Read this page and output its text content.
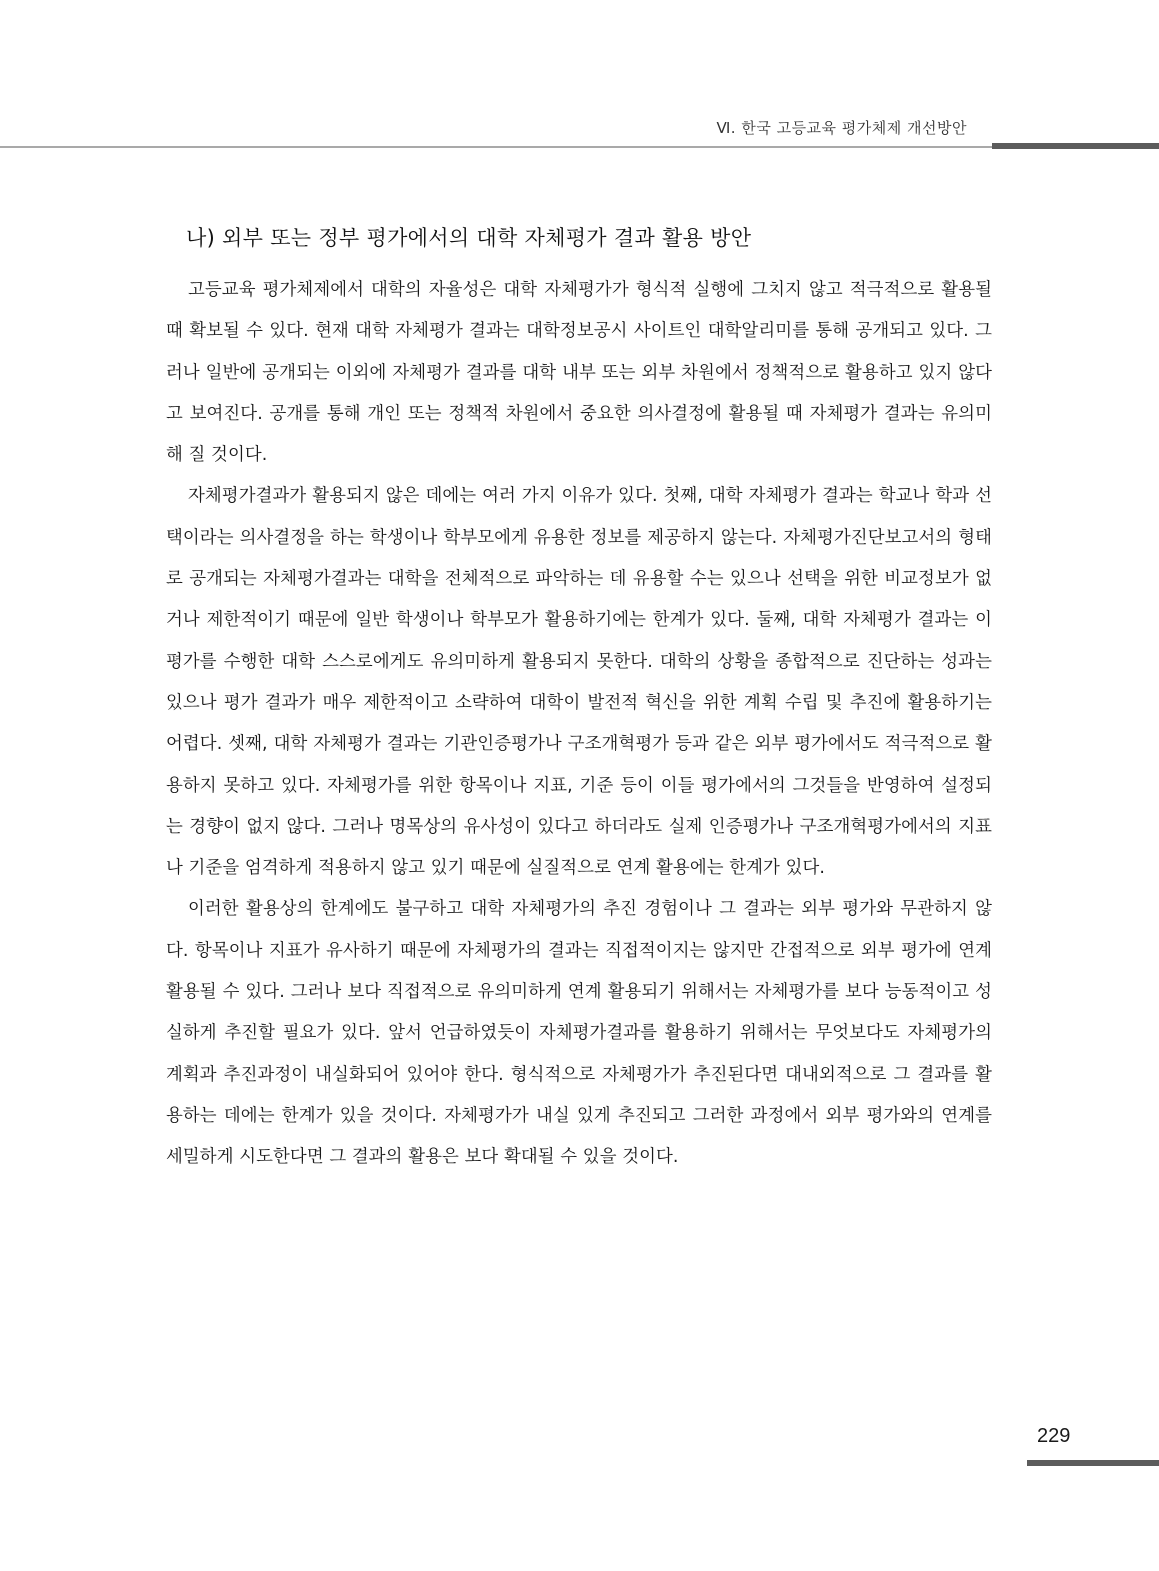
Ⅵ. 한국 고등교육 평가체제 개선방안
나) 외부 또는 정부 평가에서의 대학 자체평가 결과 활용 방안

고등교육 평가체제에서 대학의 자율성은 대학 자체평가가 형식적 실행에 그치지 않고 적극적으로 활용될 때 확보될 수 있다. 현재 대학 자체평가 결과는 대학정보공시 사이트인 대학알리미를 통해 공개되고 있다. 그러나 일반에 공개되는 이외에 자체평가 결과를 대학 내부 또는 외부 차원에서 정책적으로 활용하고 있지 않다고 보여진다. 공개를 통해 개인 또는 정책적 차원에서 중요한 의사결정에 활용될 때 자체평가 결과는 유의미해 질 것이다.

자체평가결과가 활용되지 않은 데에는 여러 가지 이유가 있다. 첫째, 대학 자체평가 결과는 학교나 학과 선택이라는 의사결정을 하는 학생이나 학부모에게 유용한 정보를 제공하지 않는다. 자체평가진단보고서의 형태로 공개되는 자체평가결과는 대학을 전체적으로 파악하는 데 유용할 수는 있으나 선택을 위한 비교정보가 없거나 제한적이기 때문에 일반 학생이나 학부모가 활용하기에는 한계가 있다. 둘째, 대학 자체평가 결과는 이 평가를 수행한 대학 스스로에게도 유의미하게 활용되지 못한다. 대학의 상황을 종합적으로 진단하는 성과는 있으나 평가 결과가 매우 제한적이고 소략하여 대학이 발전적 혁신을 위한 계획 수립 및 추진에 활용하기는 어렵다. 셋째, 대학 자체평가 결과는 기관인증평가나 구조개혁평가 등과 같은 외부 평가에서도 적극적으로 활용하지 못하고 있다. 자체평가를 위한 항목이나 지표, 기준 등이 이들 평가에서의 그것들을 반영하여 설정되는 경향이 없지 않다. 그러나 명목상의 유사성이 있다고 하더라도 실제 인증평가나 구조개혁평가에서의 지표나 기준을 엄격하게 적용하지 않고 있기 때문에 실질적으로 연계 활용에는 한계가 있다.

이러한 활용상의 한계에도 불구하고 대학 자체평가의 추진 경험이나 그 결과는 외부 평가와 무관하지 않다. 항목이나 지표가 유사하기 때문에 자체평가의 결과는 직접적이지는 않지만 간접적으로 외부 평가에 연계 활용될 수 있다. 그러나 보다 직접적으로 유의미하게 연계 활용되기 위해서는 자체평가를 보다 능동적이고 성실하게 추진할 필요가 있다. 앞서 언급하였듯이 자체평가결과를 활용하기 위해서는 무엇보다도 자체평가의 계획과 추진과정이 내실화되어 있어야 한다. 형식적으로 자체평가가 추진된다면 대내외적으로 그 결과를 활용하는 데에는 한계가 있을 것이다. 자체평가가 내실 있게 추진되고 그러한 과정에서 외부 평가와의 연계를 세밀하게 시도한다면 그 결과의 활용은 보다 확대될 수 있을 것이다.

229
